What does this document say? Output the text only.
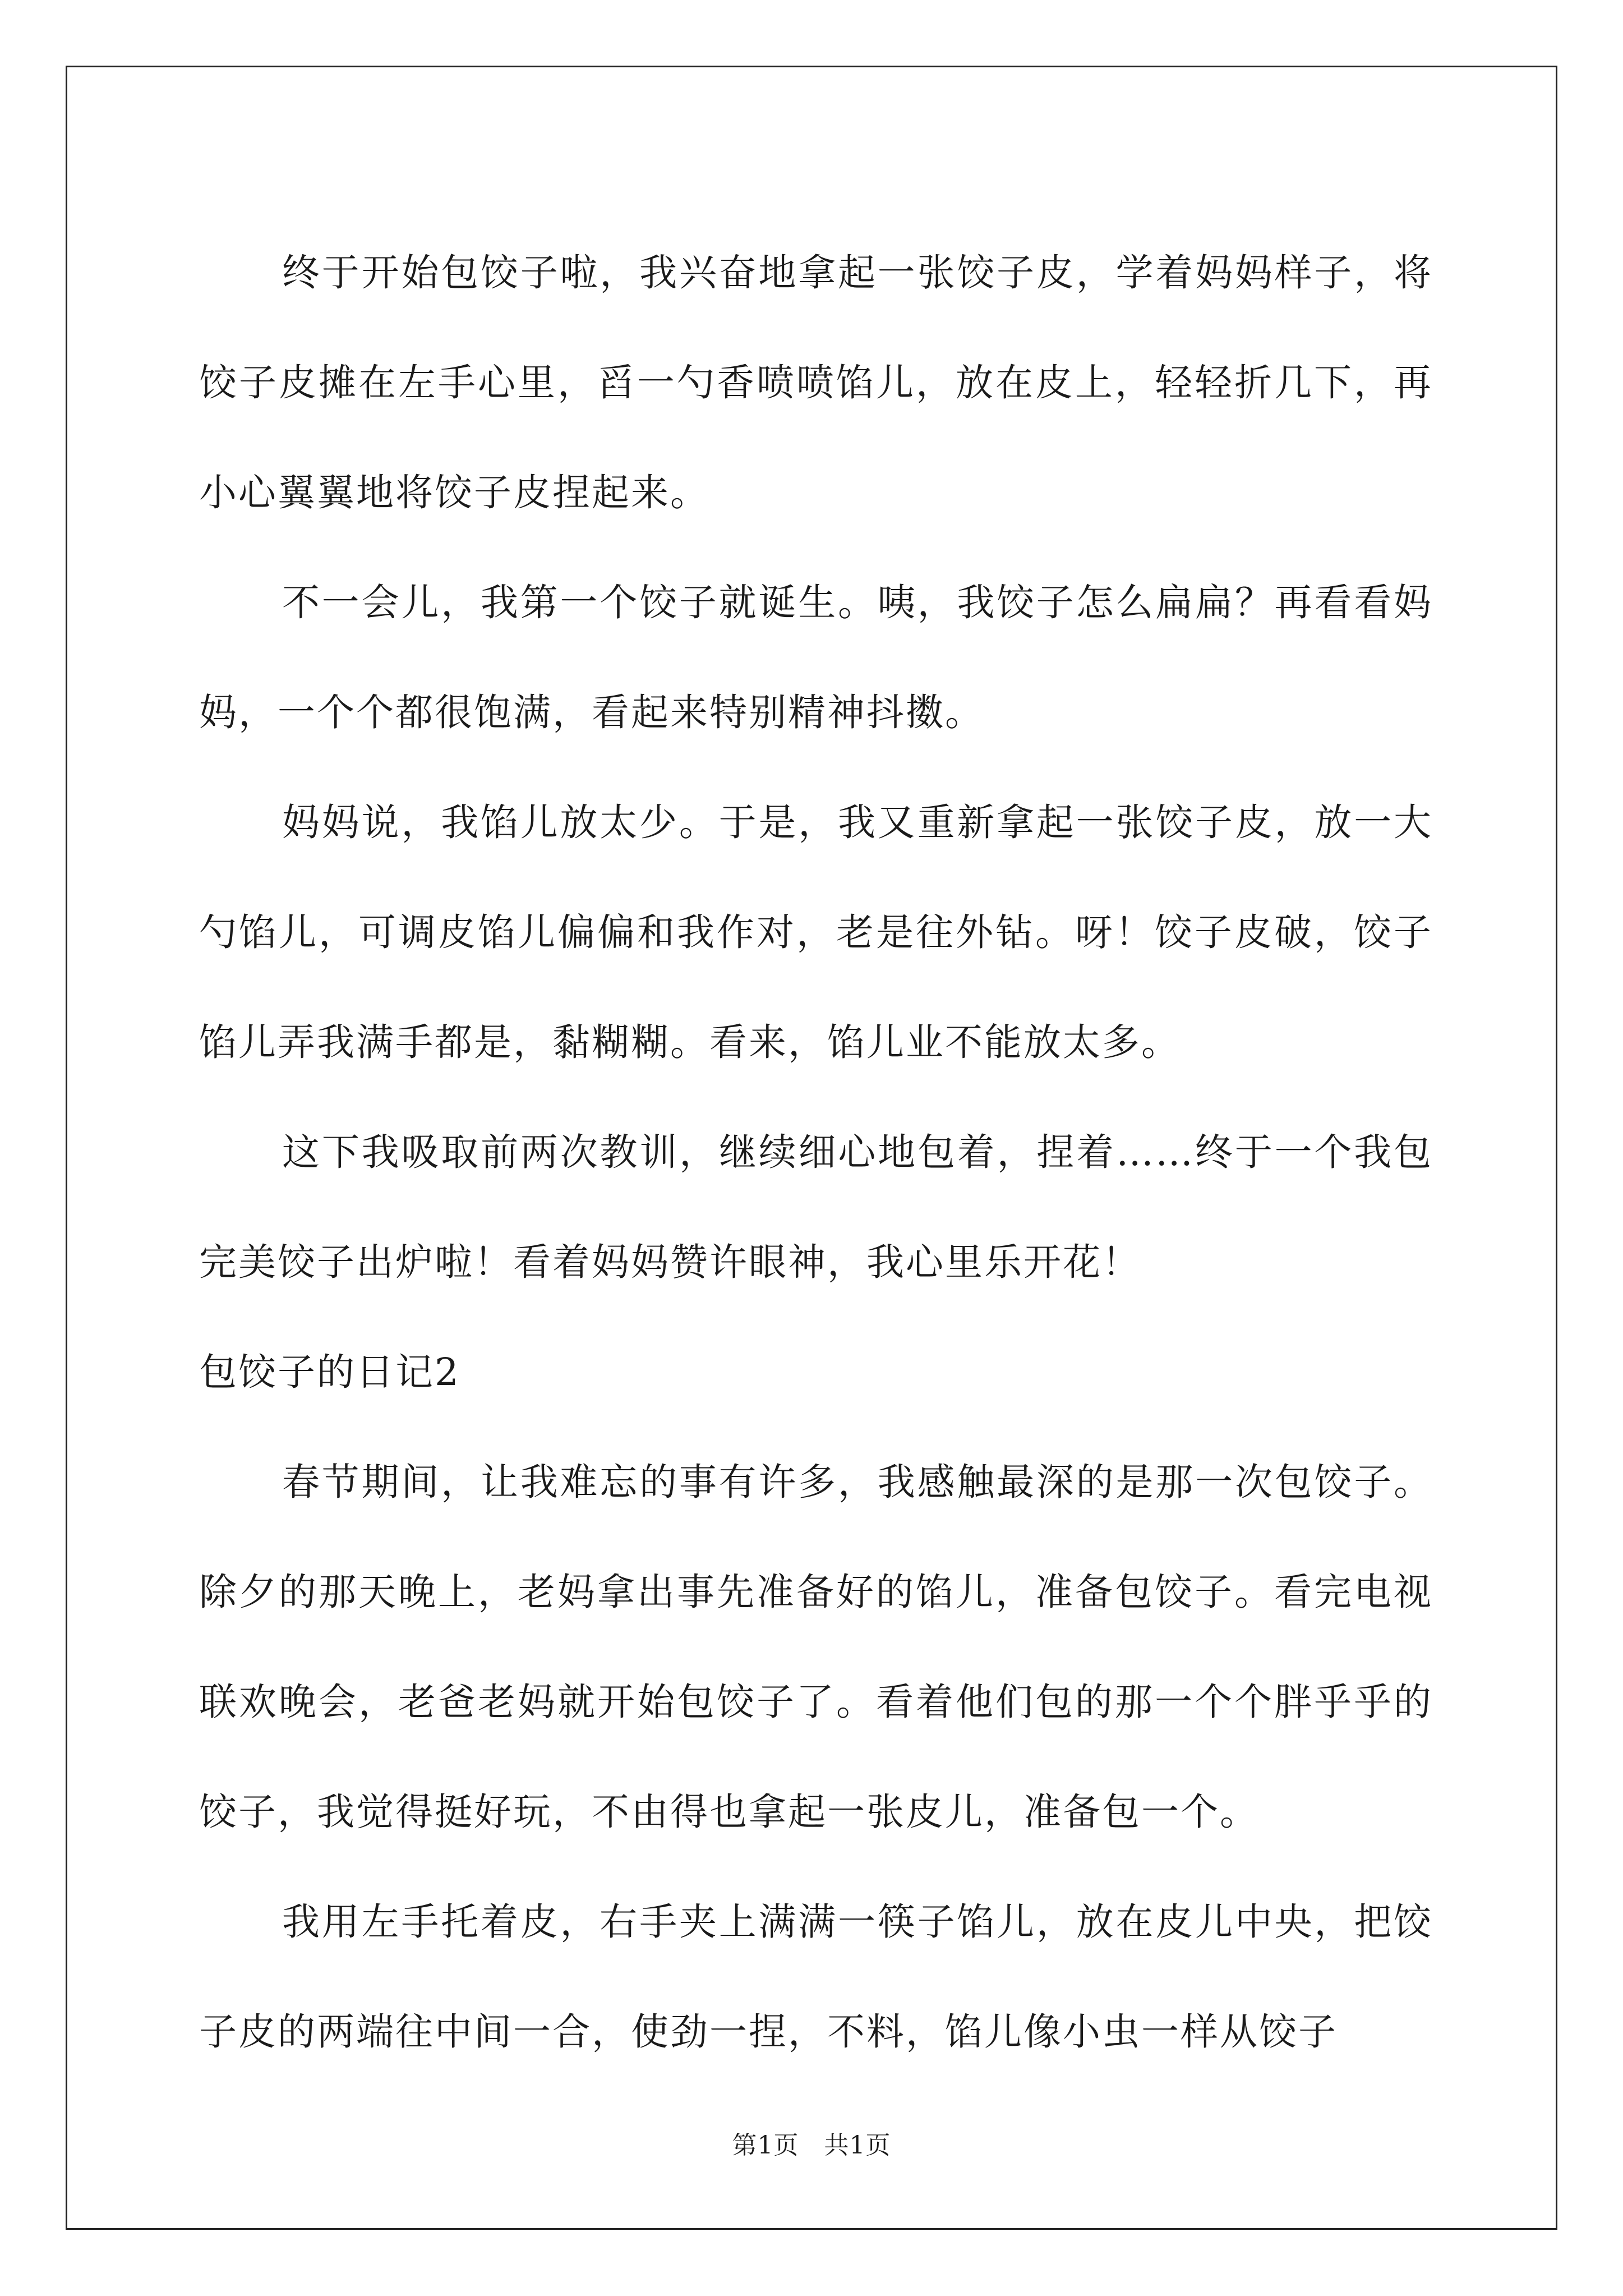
终于开始包饺子啦，我兴奋地拿起一张饺子皮，学着妈妈样子，将饺子皮摊在左手心里，舀一勺香喷喷馅儿，放在皮上，轻轻折几下，再小心翼翼地将饺子皮捏起来。

不一会儿，我第一个饺子就诞生。咦，我饺子怎么扁扁？再看看妈妈，一个个都很饱满，看起来特别精神抖擞。

妈妈说，我馅儿放太少。于是，我又重新拿起一张饺子皮，放一大勺馅儿，可调皮馅儿偏偏和我作对，老是往外钻。呀！饺子皮破，饺子馅儿弄我满手都是，黏糊糊。看来，馅儿业不能放太多。

这下我吸取前两次教训，继续细心地包着，捏着……终于一个我包完美饺子出炉啦！看着妈妈赞许眼神，我心里乐开花！

包饺子的日记2

春节期间，让我难忘的事有许多，我感触最深的是那一次包饺子。除夕的那天晚上，老妈拿出事先准备好的馅儿，准备包饺子。看完电视联欢晚会，老爸老妈就开始包饺子了。看着他们包的那一个个胖乎乎的饺子，我觉得挺好玩，不由得也拿起一张皮儿，准备包一个。

我用左手托着皮，右手夹上满满一筷子馅儿，放在皮儿中央，把饺子皮的两端往中间一合，使劲一捏，不料，馅儿像小虫一样从饺子

第1页 共1页
